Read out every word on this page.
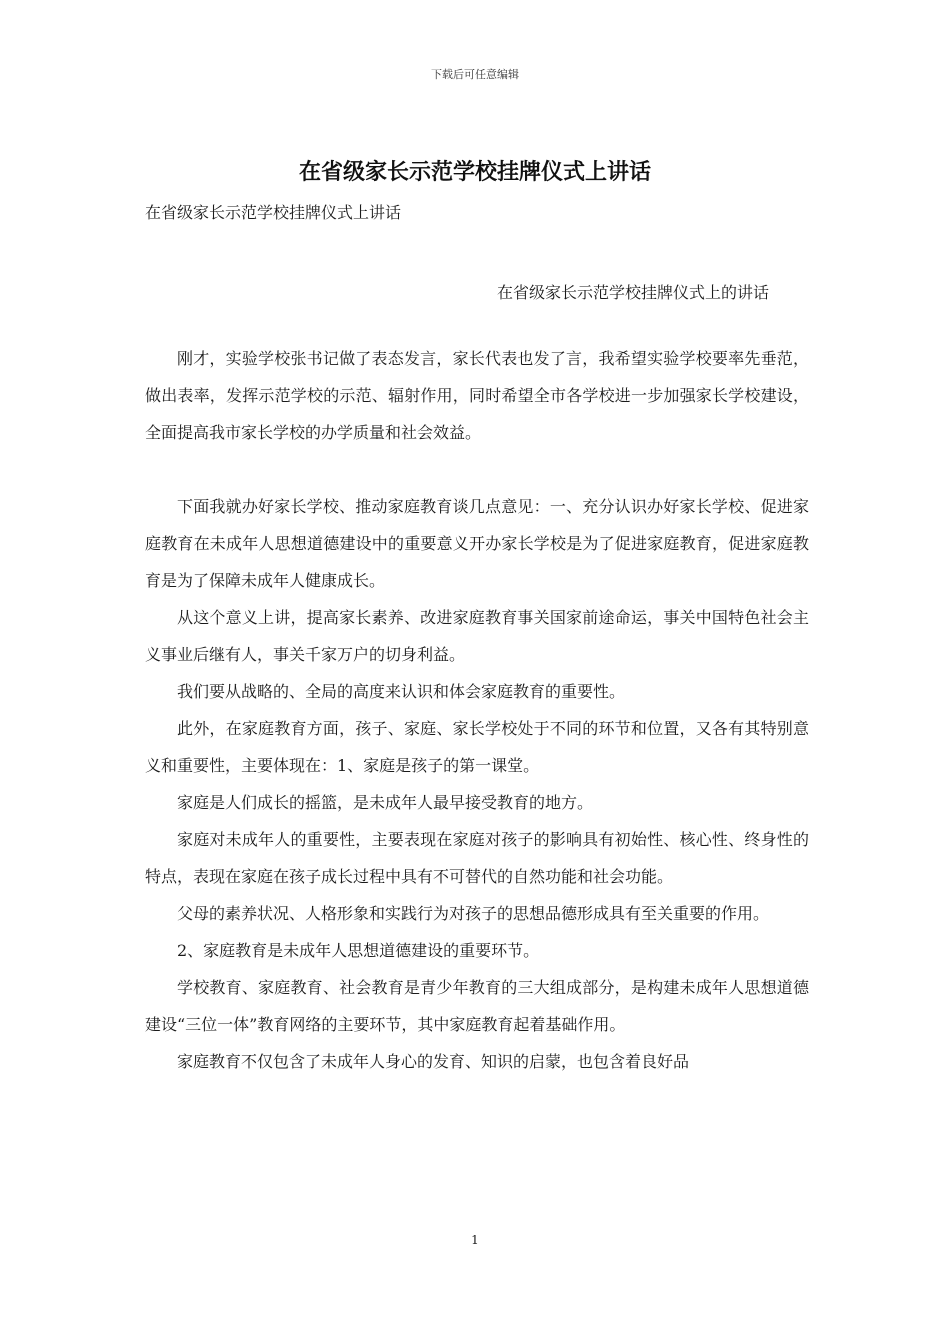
下载后可任意编辑
在省级家长示范学校挂牌仪式上讲话
在省级家长示范学校挂牌仪式上讲话
在省级家长示范学校挂牌仪式上的讲话

刚才，实验学校张书记做了表态发言，家长代表也发了言，我希望实验学校要率先垂范，做出表率，发挥示范学校的示范、辐射作用，同时希望全市各学校进一步加强家长学校建设，全面提高我市家长学校的办学质量和社会效益。

下面我就办好家长学校、推动家庭教育谈几点意见：一、充分认识办好家长学校、促进家庭教育在未成年人思想道德建设中的重要意义开办家长学校是为了促进家庭教育，促进家庭教育是为了保障未成年人健康成长。

从这个意义上讲，提高家长素养、改进家庭教育事关国家前途命运，事关中国特色社会主义事业后继有人，事关千家万户的切身利益。

我们要从战略的、全局的高度来认识和体会家庭教育的重要性。

此外，在家庭教育方面，孩子、家庭、家长学校处于不同的环节和位置，又各有其特别意义和重要性，主要体现在：1、家庭是孩子的第一课堂。

家庭是人们成长的摇篮，是未成年人最早接受教育的地方。

家庭对未成年人的重要性，主要表现在家庭对孩子的影响具有初始性、核心性、终身性的特点，表现在家庭在孩子成长过程中具有不可替代的自然功能和社会功能。

父母的素养状况、人格形象和实践行为对孩子的思想品德形成具有至关重要的作用。

2、家庭教育是未成年人思想道德建设的重要环节。

学校教育、家庭教育、社会教育是青少年教育的三大组成部分，是构建未成年人思想道德建设“三位一体”教育网络的主要环节，其中家庭教育起着基础作用。

家庭教育不仅包含了未成年人身心的发育、知识的启蒙，也包含着良好品

1
